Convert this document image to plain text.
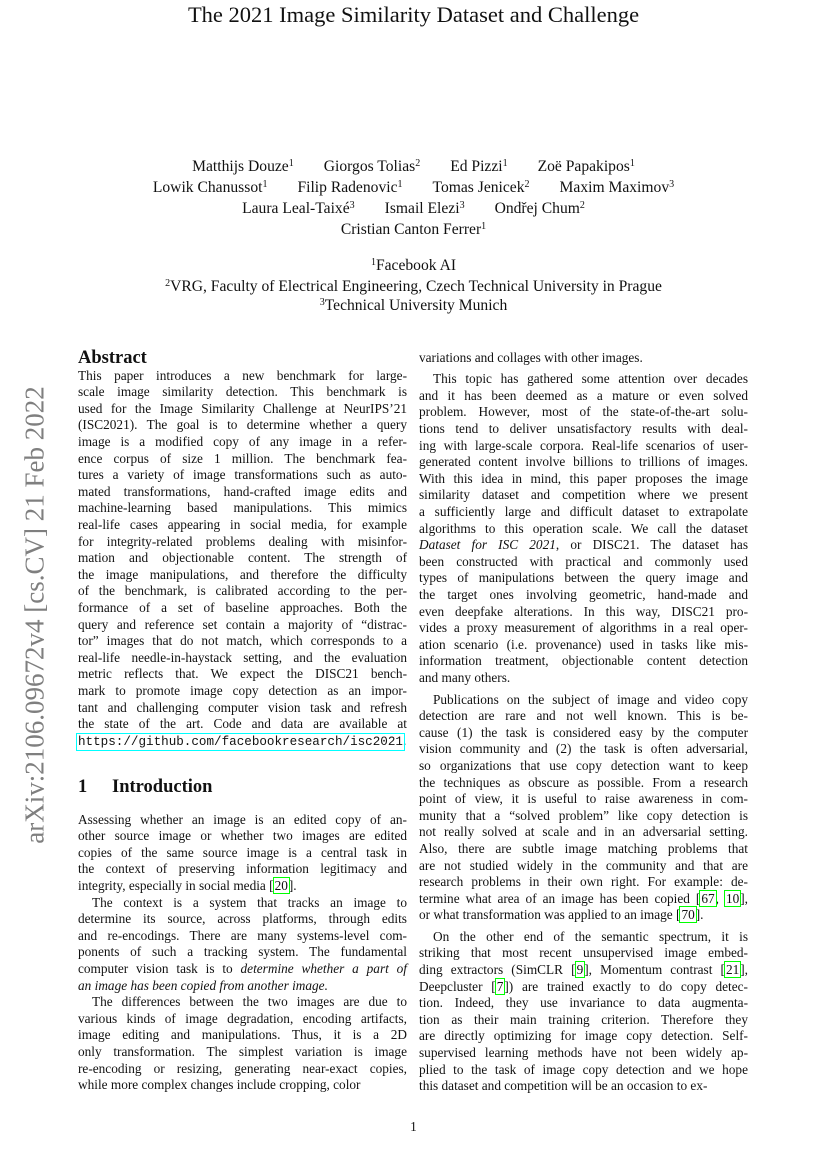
arXiv:2106.09672v4 [cs.CV] 21 Feb 2022
The 2021 Image Similarity Dataset and Challenge
Matthijs Douze$^1$ Giorgos Tolias$^2$ Ed Pizzi$^1$ Zoë Papakipos$^1$
Lowik Chanussot$^1$ Filip Radenovic$^1$ Tomas Jenicek$^2$ Maxim Maximov$^3$
Laura Leal-Taixé$^3$ Ismail Elezi$^3$ Ondřej Chum$^2$
Cristian Canton Ferrer$^1$
$^1$Facebook AI
$^2$VRG, Faculty of Electrical Engineering, Czech Technical University in Prague
$^3$Technical University Munich
Abstract
This paper introduces a new benchmark for large-
scale image similarity detection. This benchmark is
used for the Image Similarity Challenge at NeurIPS’21
(ISC2021). The goal is to determine whether a query
image is a modified copy of any image in a refer-
ence corpus of size 1 million. The benchmark fea-
tures a variety of image transformations such as auto-
mated transformations, hand-crafted image edits and
machine-learning based manipulations. This mimics
real-life cases appearing in social media, for example
for integrity-related problems dealing with misinfor-
mation and objectionable content. The strength of
the image manipulations, and therefore the difficulty
of the benchmark, is calibrated according to the per-
formance of a set of baseline approaches. Both the
query and reference set contain a majority of “distrac-
tor” images that do not match, which corresponds to a
real-life needle-in-haystack setting, and the evaluation
metric reflects that. We expect the DISC21 bench-
mark to promote image copy detection as an impor-
tant and challenging computer vision task and refresh
the state of the art. Code and data are available at
https://github.com/facebookresearch/isc2021.
1 Introduction
Assessing whether an image is an edited copy of an-
other source image or whether two images are edited
copies of the same source image is a central task in
the context of preserving information legitimacy and
integrity, especially in social media [20].
The context is a system that tracks an image to
determine its source, across platforms, through edits
and re-encodings. There are many systems-level com-
ponents of such a tracking system. The fundamental
computer vision task is to determine whether a part of
an image has been copied from another image.
The differences between the two images are due to
various kinds of image degradation, encoding artifacts,
image editing and manipulations. Thus, it is a 2D
only transformation. The simplest variation is image
re-encoding or resizing, generating near-exact copies,
while more complex changes include cropping, color
variations and collages with other images.
This topic has gathered some attention over decades
and it has been deemed as a mature or even solved
problem. However, most of the state-of-the-art solu-
tions tend to deliver unsatisfactory results with deal-
ing with large-scale corpora. Real-life scenarios of user-
generated content involve billions to trillions of images.
With this idea in mind, this paper proposes the image
similarity dataset and competition where we present
a sufficiently large and difficult dataset to extrapolate
algorithms to this operation scale. We call the dataset
Dataset for ISC 2021, or DISC21. The dataset has
been constructed with practical and commonly used
types of manipulations between the query image and
the target ones involving geometric, hand-made and
even deepfake alterations. In this way, DISC21 pro-
vides a proxy measurement of algorithms in a real oper-
ation scenario (i.e. provenance) used in tasks like mis-
information treatment, objectionable content detection
and many others.
Publications on the subject of image and video copy
detection are rare and not well known. This is be-
cause (1) the task is considered easy by the computer
vision community and (2) the task is often adversarial,
so organizations that use copy detection want to keep
the techniques as obscure as possible. From a research
point of view, it is useful to raise awareness in com-
munity that a “solved problem” like copy detection is
not really solved at scale and in an adversarial setting.
Also, there are subtle image matching problems that
are not studied widely in the community and that are
research problems in their own right. For example: de-
termine what area of an image has been copied [67, 10],
or what transformation was applied to an image [70].
On the other end of the semantic spectrum, it is
striking that most recent unsupervised image embed-
ding extractors (SimCLR [9], Momentum contrast [21],
Deepcluster [7]) are trained exactly to do copy detec-
tion. Indeed, they use invariance to data augmenta-
tion as their main training criterion. Therefore they
are directly optimizing for image copy detection. Self-
supervised learning methods have not been widely ap-
plied to the task of image copy detection and we hope
this dataset and competition will be an occasion to ex-
1
